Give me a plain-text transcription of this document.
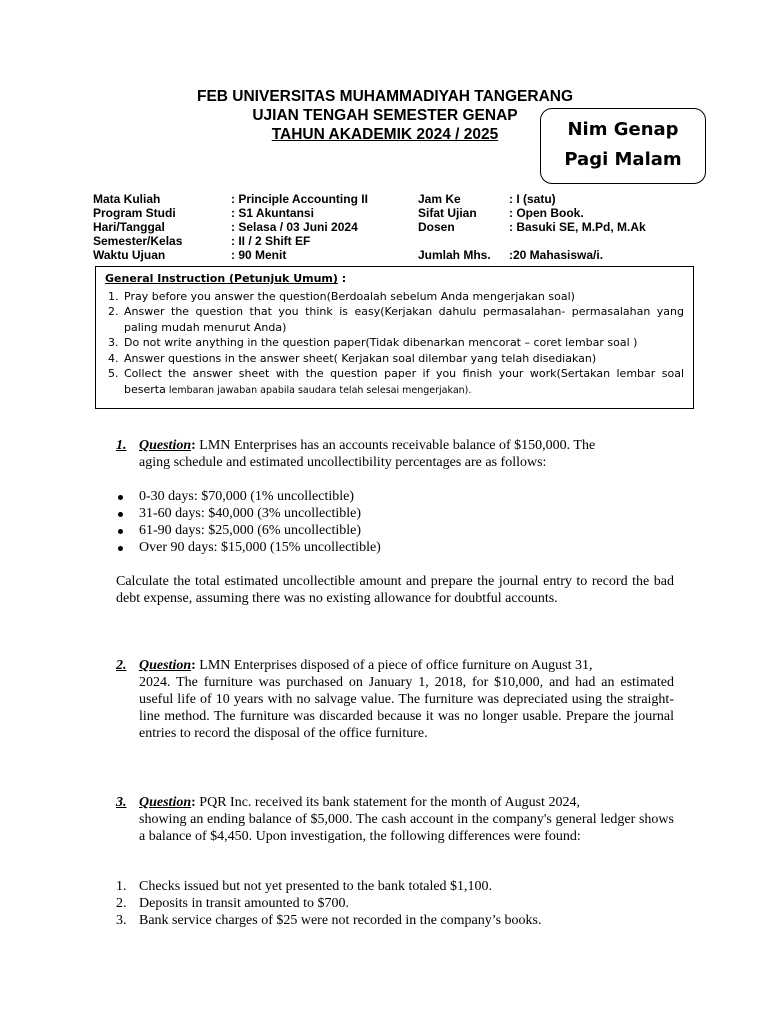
FEB UNIVERSITAS MUHAMMADIYAH TANGERANG
UJIAN TENGAH SEMESTER GENAP
TAHUN AKADEMIK 2024 / 2025	Nim Genap
Pagi Malam
Mata Kuliah	: Principle Accounting II	Jam Ke	: I (satu)
Program Studi	: S1 Akuntansi	Sifat Ujian	: Open Book.
Hari/Tanggal	: Selasa / 03 Juni 2024	Dosen	: Basuki SE, M.Pd, M.Ak
Semester/Kelas	: II / 2 Shift EF
Waktu Ujuan	: 90 Menit	Jumlah Mhs. :20 Mahasiswa/i.
General Instruction (Petunjuk Umum) :
1. Pray before you answer the question(Berdoalah sebelum Anda mengerjakan soal)
2. Answer the question that you think is easy(Kerjakan dahulu permasalahan- permasalahan yang paling mudah menurut Anda)
3. Do not write anything in the question paper(Tidak dibenarkan mencorat – coret lembar soal )
4. Answer questions in the answer sheet( Kerjakan soal dilembar yang telah disediakan)
5. Collect the answer sheet with the question paper if you finish your work(Sertakan lembar soal beserta lembaran jawaban apabila saudara telah selesai mengerjakan).
1. Question: LMN Enterprises has an accounts receivable balance of $150,000. The
aging schedule and estimated uncollectibility percentages are as follows:
0-30 days: $70,000 (1% uncollectible)
31-60 days: $40,000 (3% uncollectible)
61-90 days: $25,000 (6% uncollectible)
Over 90 days: $15,000 (15% uncollectible)
Calculate the total estimated uncollectible amount and prepare the journal entry to record the bad debt expense, assuming there was no existing allowance for doubtful accounts.
2. Question: LMN Enterprises disposed of a piece of office furniture on August 31,
2024. The furniture was purchased on January 1, 2018, for $10,000, and had an estimated useful life of 10 years with no salvage value. The furniture was depreciated using the straight-line method. The furniture was discarded because it was no longer usable. Prepare the journal entries to record the disposal of the office furniture.
3. Question: PQR Inc. received its bank statement for the month of August 2024,
showing an ending balance of $5,000. The cash account in the company's general ledger shows a balance of $4,450. Upon investigation, the following differences were found:
1. Checks issued but not yet presented to the bank totaled $1,100.
2. Deposits in transit amounted to $700.
3. Bank service charges of $25 were not recorded in the company’s books.
